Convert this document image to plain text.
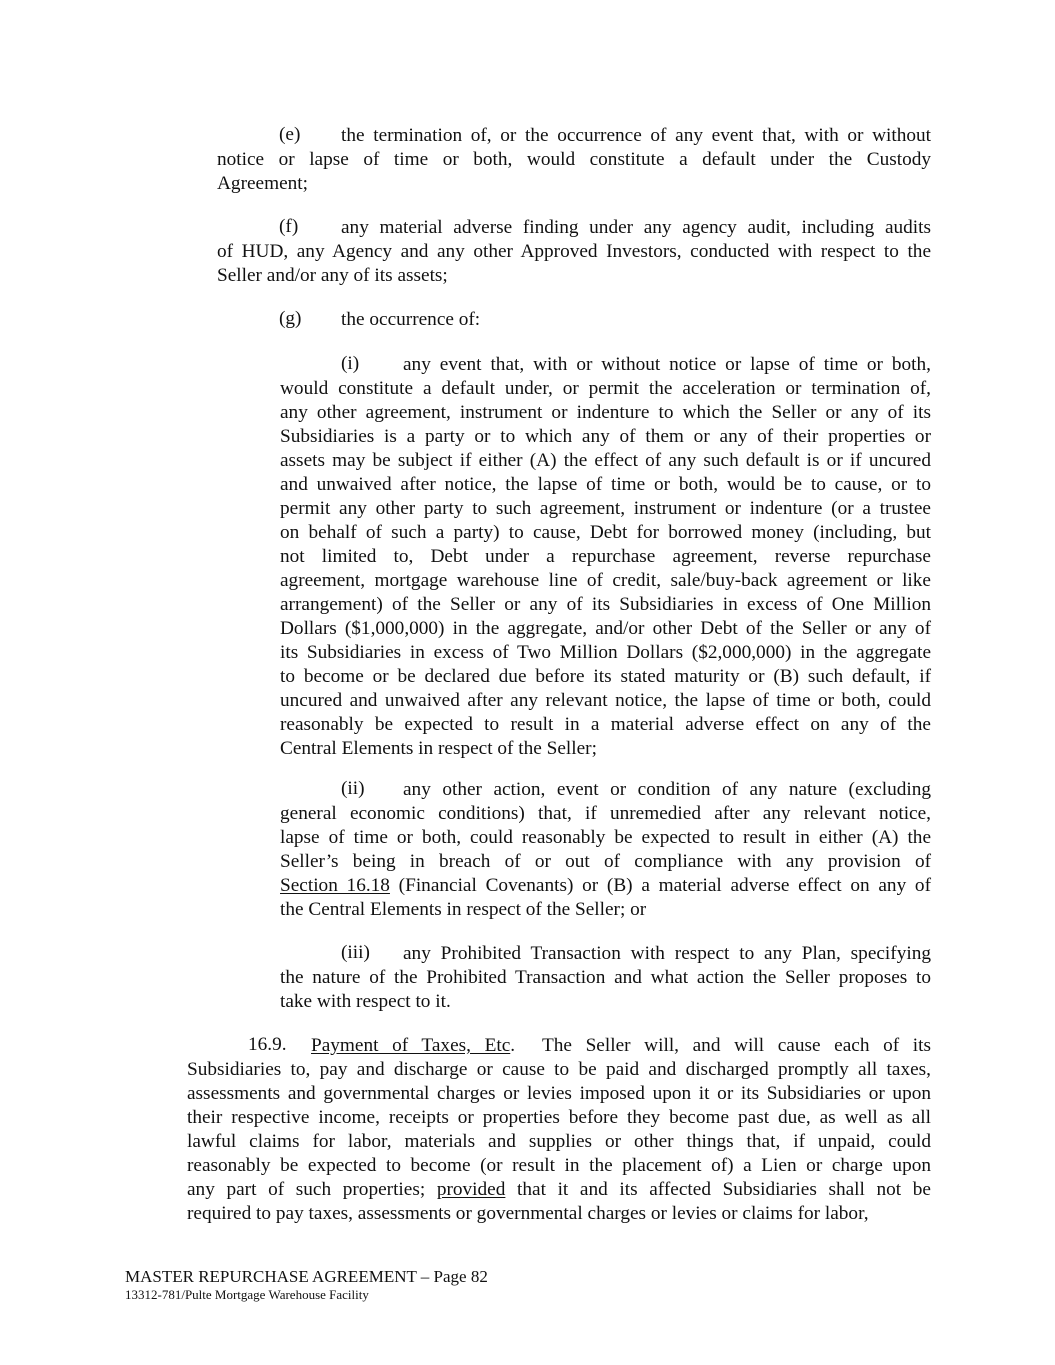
(e) the termination of, or the occurrence of any event that, with or without
notice or lapse of time or both, would constitute a default under the Custody
Agreement;
(f) any material adverse finding under any agency audit, including audits
of HUD, any Agency and any other Approved Investors, conducted with respect to the
Seller and/or any of its assets;
(g) the occurrence of:
(i) any event that, with or without notice or lapse of time or both,
would constitute a default under, or permit the acceleration or termination of,
any other agreement, instrument or indenture to which the Seller or any of its
Subsidiaries is a party or to which any of them or any of their properties or
assets may be subject if either (A) the effect of any such default is or if uncured
and unwaived after notice, the lapse of time or both, would be to cause, or to
permit any other party to such agreement, instrument or indenture (or a trustee
on behalf of such a party) to cause, Debt for borrowed money (including, but
not limited to, Debt under a repurchase agreement, reverse repurchase
agreement, mortgage warehouse line of credit, sale/buy-back agreement or like
arrangement) of the Seller or any of its Subsidiaries in excess of One Million
Dollars ($1,000,000) in the aggregate, and/or other Debt of the Seller or any of
its Subsidiaries in excess of Two Million Dollars ($2,000,000) in the aggregate
to become or be declared due before its stated maturity or (B) such default, if
uncured and unwaived after any relevant notice, the lapse of time or both, could
reasonably be expected to result in a material adverse effect on any of the
Central Elements in respect of the Seller;
(ii) any other action, event or condition of any nature (excluding
general economic conditions) that, if unremedied after any relevant notice,
lapse of time or both, could reasonably be expected to result in either (A) the
Seller’s being in breach of or out of compliance with any provision of
Section 16.18 (Financial Covenants) or (B) a material adverse effect on any of
the Central Elements in respect of the Seller; or
(iii) any Prohibited Transaction with respect to any Plan, specifying
the nature of the Prohibited Transaction and what action the Seller proposes to
take with respect to it.
16.9. Payment of Taxes, Etc.  The Seller will, and will cause each of its
Subsidiaries to, pay and discharge or cause to be paid and discharged promptly all taxes,
assessments and governmental charges or levies imposed upon it or its Subsidiaries or upon
their respective income, receipts or properties before they become past due, as well as all
lawful claims for labor, materials and supplies or other things that, if unpaid, could
reasonably be expected to become (or result in the placement of) a Lien or charge upon
any part of such properties; provided that it and its affected Subsidiaries shall not be
required to pay taxes, assessments or governmental charges or levies or claims for labor,
MASTER REPURCHASE AGREEMENT – Page 82
13312-781/Pulte Mortgage Warehouse Facility
